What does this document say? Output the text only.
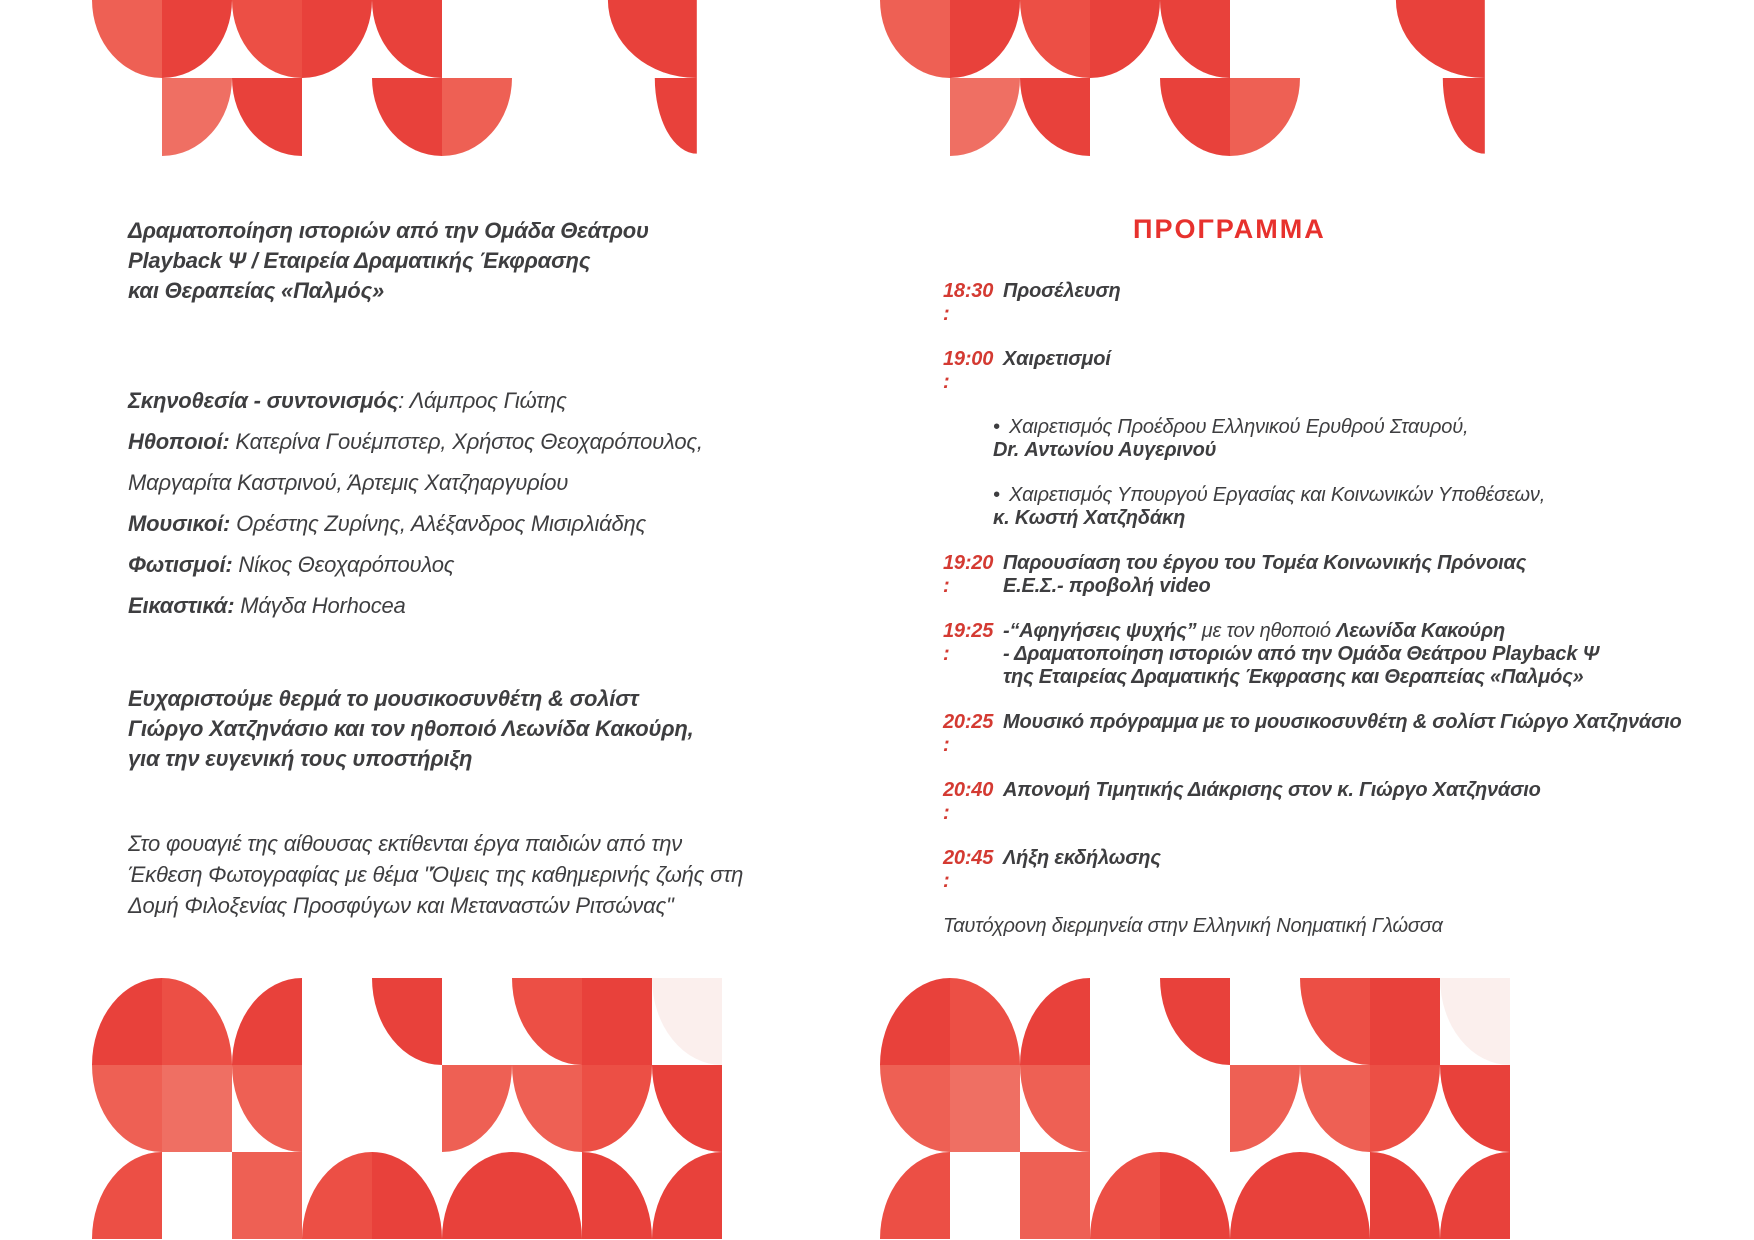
Δραματοποίηση ιστοριών από την Ομάδα Θεάτρου
Playback Ψ / Εταιρεία Δραματικής Έκφρασης
και Θεραπείας «Παλμός»
Σκηνοθεσία - συντονισμός: Λάμπρος Γιώτης
Ηθοποιοί: Κατερίνα Γουέμπστερ, Χρήστος Θεοχαρόπουλος,
Μαργαρίτα Καστρινού, Άρτεμις Χατζηαργυρίου
Μουσικοί: Ορέστης Ζυρίνης, Αλέξανδρος Μισιρλιάδης
Φωτισμοί: Νίκος Θεοχαρόπουλος
Εικαστικά: Μάγδα Horhocea
Ευχαριστούμε θερμά το μουσικοσυνθέτη & σολίστ
Γιώργο Χατζηνάσιο και τον ηθοποιό Λεωνίδα Κακούρη,
για την ευγενική τους υποστήριξη
Στο φουαγιέ της αίθουσας εκτίθενται έργα παιδιών από την
Έκθεση Φωτογραφίας με θέμα "Όψεις της καθημερινής ζωής στη
Δομή Φιλοξενίας Προσφύγων και Μεταναστών Ριτσώνας"
ΠΡΟΓΡΑΜΜΑ
18:30 :
Προσέλευση
19:00 :
Χαιρετισμοί
• Χαιρετισμός Προέδρου Ελληνικού Ερυθρού Σταυρού,
Dr. Αντωνίου Αυγερινού
• Χαιρετισμός Υπουργού Εργασίας και Κοινωνικών Υποθέσεων,
κ. Κωστή Χατζηδάκη
19:20 :
Παρουσίαση του έργου του Τομέα Κοινωνικής Πρόνοιας
Ε.Ε.Σ.- προβολή video
19:25 :
-“Αφηγήσεις ψυχής” με τον ηθοποιό Λεωνίδα Κακούρη
- Δραματοποίηση ιστοριών από την Ομάδα Θεάτρου Playback Ψ
της Εταιρείας Δραματικής Έκφρασης και Θεραπείας «Παλμός»
20:25 :
Μουσικό πρόγραμμα με το μουσικοσυνθέτη & σολίστ Γιώργο Χατζηνάσιο
20:40 :
Απονομή Τιμητικής Διάκρισης στον κ. Γιώργο Χατζηνάσιο
20:45 :
Λήξη εκδήλωσης
Ταυτόχρονη διερμηνεία στην Ελληνική Νοηματική Γλώσσα
